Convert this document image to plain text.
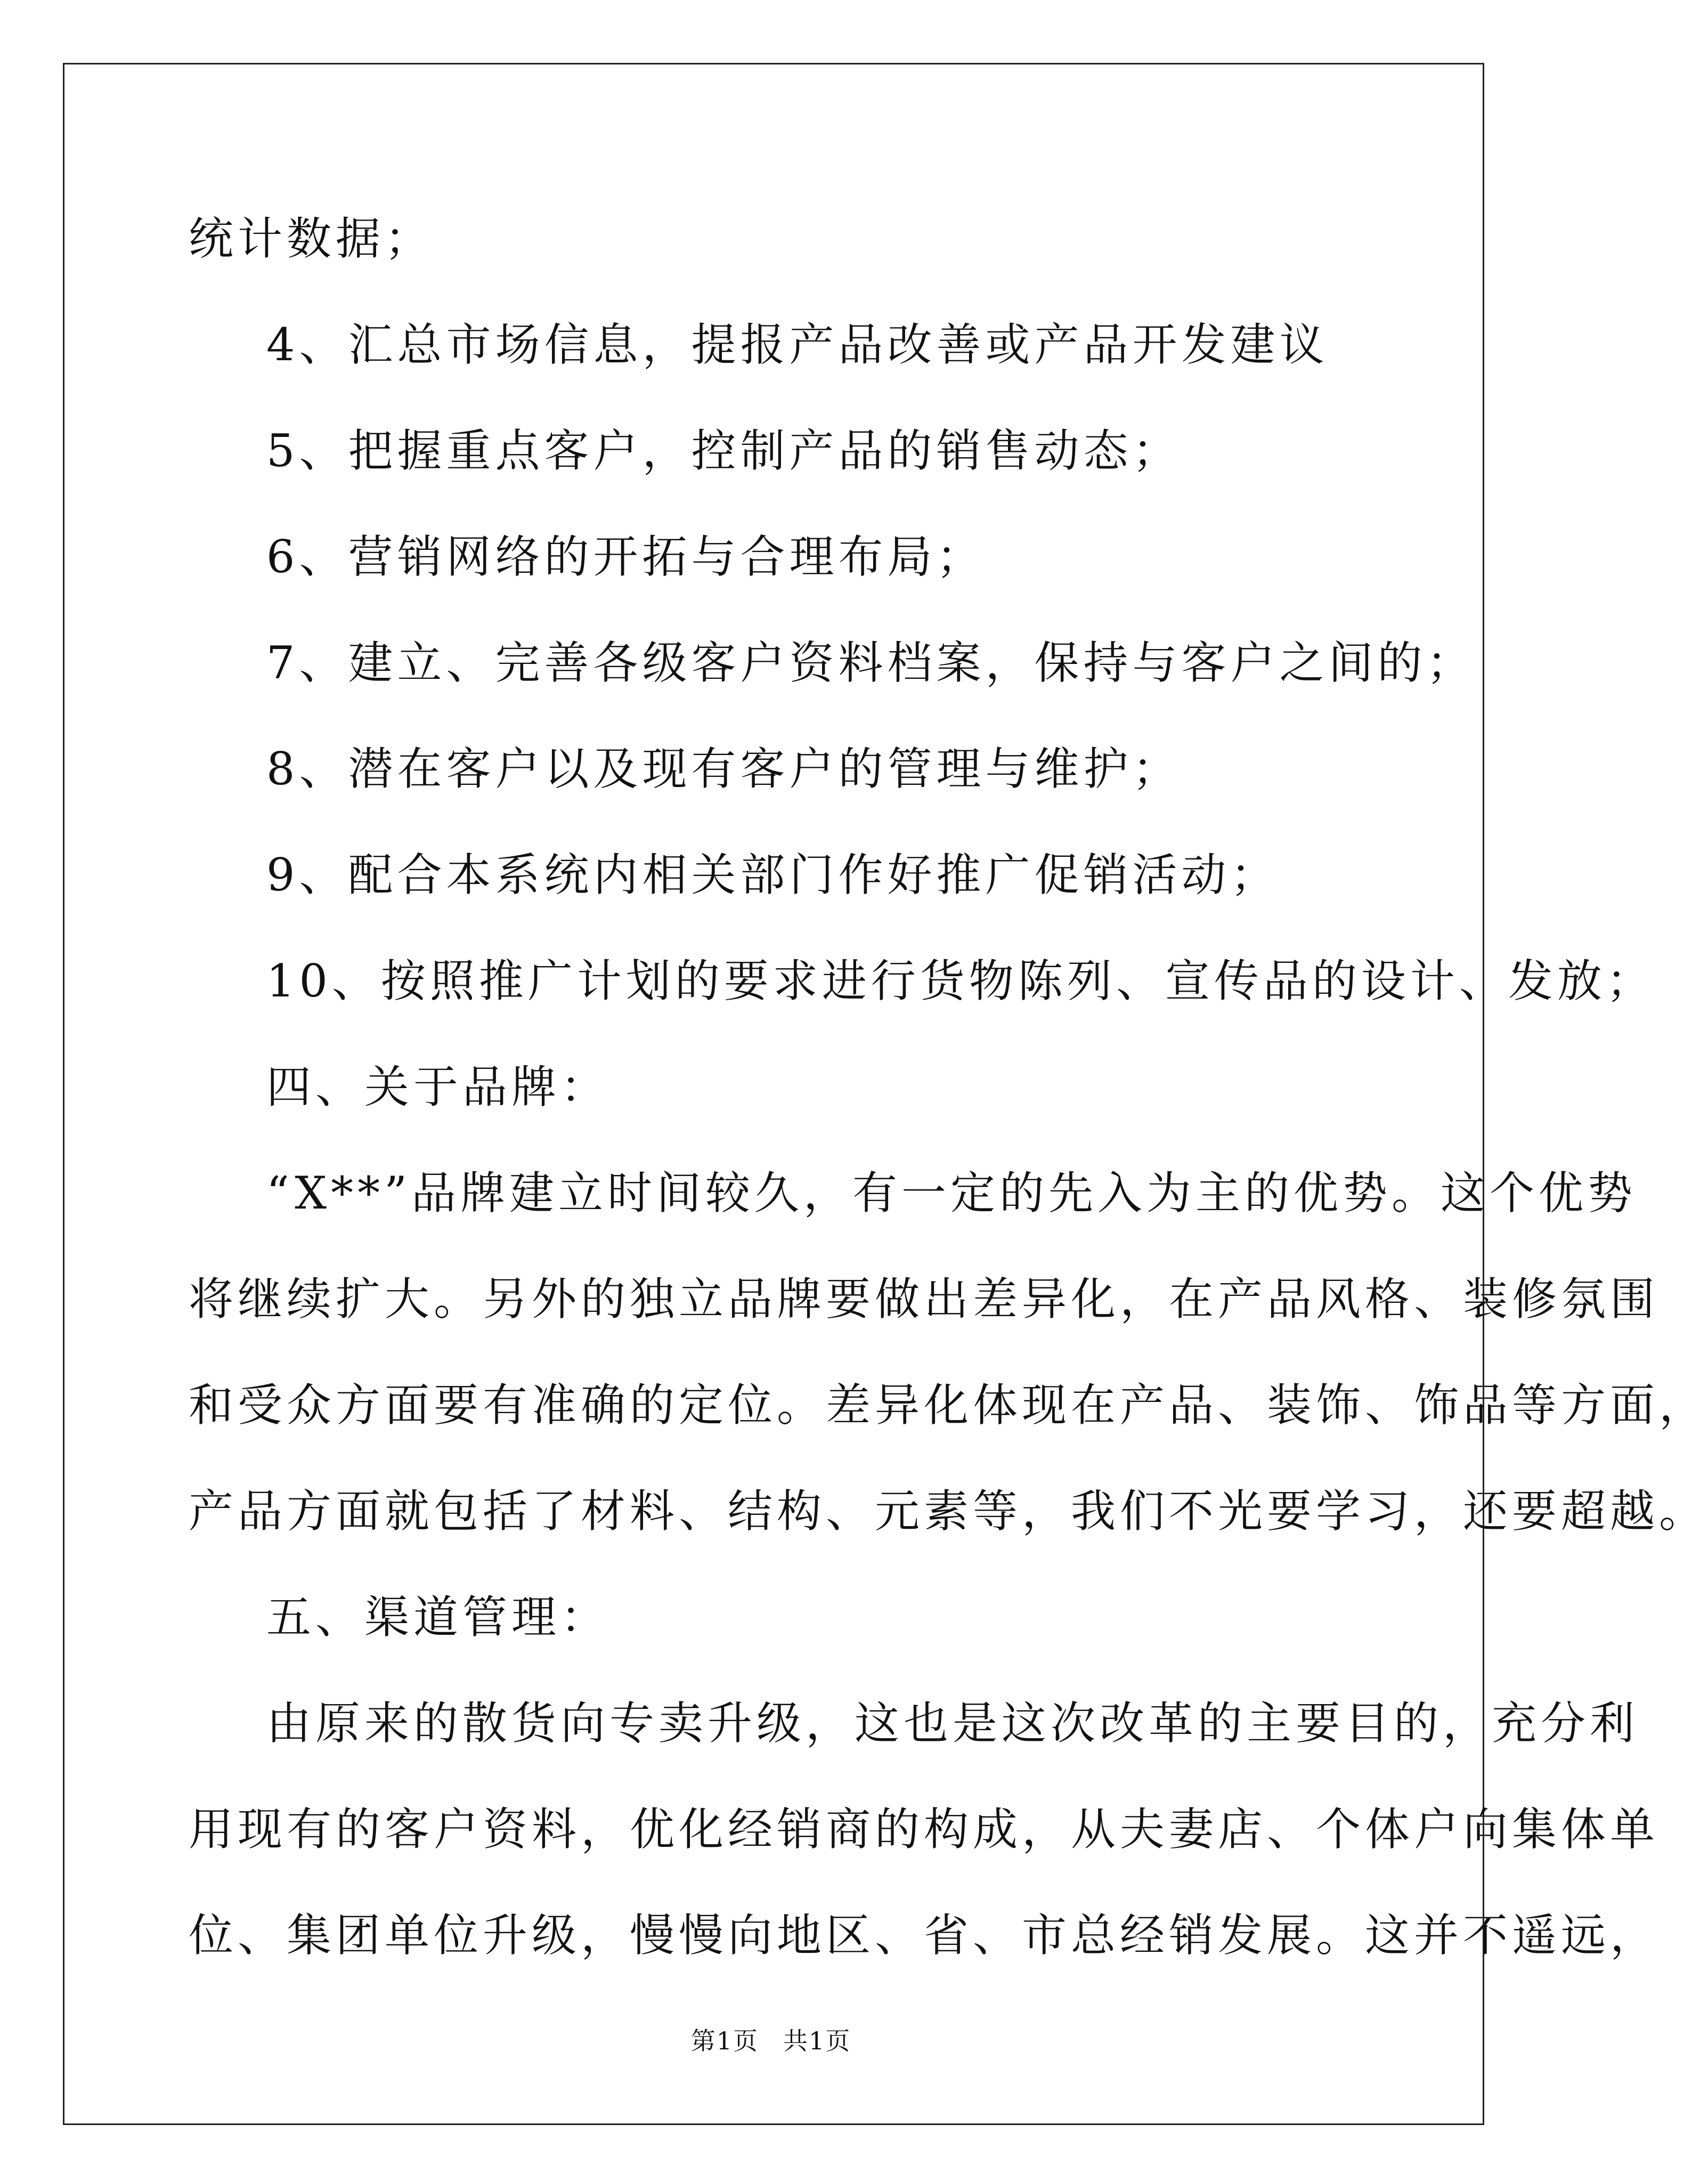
统计数据；
4、汇总市场信息，提报产品改善或产品开发建议
5、把握重点客户，控制产品的销售动态；
6、营销网络的开拓与合理布局；
7、建立、完善各级客户资料档案，保持与客户之间的；
8、潜在客户以及现有客户的管理与维护；
9、配合本系统内相关部门作好推广促销活动；
10、按照推广计划的要求进行货物陈列、宣传品的设计、发放；
四、关于品牌：
“X**”品牌建立时间较久，有一定的先入为主的优势。这个优势
将继续扩大。另外的独立品牌要做出差异化，在产品风格、装修氛围
和受众方面要有准确的定位。差异化体现在产品、装饰、饰品等方面，
产品方面就包括了材料、结构、元素等，我们不光要学习，还要超越。
五、渠道管理：
由原来的散货向专卖升级，这也是这次改革的主要目的，充分利
用现有的客户资料，优化经销商的构成，从夫妻店、个体户向集体单
位、集团单位升级，慢慢向地区、省、市总经销发展。这并不遥远，
第1页 共1页
